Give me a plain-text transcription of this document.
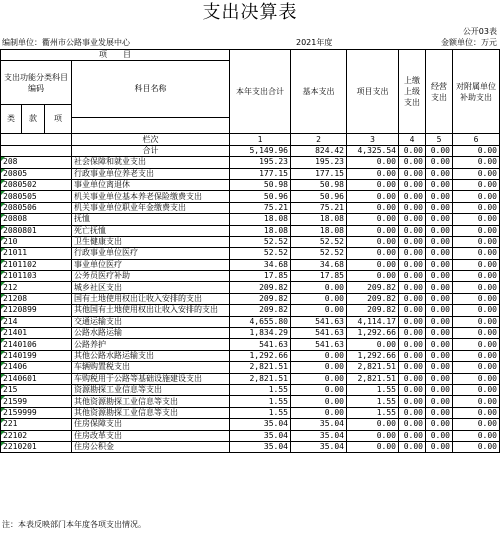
支出决算表
公开03表
编制单位：衢州市公路事业发展中心	2021年度	金额单位：万元
项　　目				本年支出合计	基本支出	项目支出	上缴上级支出	经营支出	对附属单位补助支出
支出功能分类科目编码			科目名称						
类	款	项							

			栏次	1	2	3	4	5	6
			合计	5,149.96	824.42	4,325.54	0.00	0.00	0.00
208			社会保障和就业支出	195.23	195.23	0.00	0.00	0.00	0.00
20805			行政事业单位养老支出	177.15	177.15	0.00	0.00	0.00	0.00
2080502			事业单位离退休	50.98	50.98	0.00	0.00	0.00	0.00
2080505			机关事业单位基本养老保险缴费支出	50.96	50.96	0.00	0.00	0.00	0.00
2080506			机关事业单位职业年金缴费支出	75.21	75.21	0.00	0.00	0.00	0.00
20808			抚恤	18.08	18.08	0.00	0.00	0.00	0.00
2080801			死亡抚恤	18.08	18.08	0.00	0.00	0.00	0.00
210			卫生健康支出	52.52	52.52	0.00	0.00	0.00	0.00
21011			行政事业单位医疗	52.52	52.52	0.00	0.00	0.00	0.00
2101102			事业单位医疗	34.68	34.68	0.00	0.00	0.00	0.00
2101103			公务员医疗补助	17.85	17.85	0.00	0.00	0.00	0.00
212			城乡社区支出	209.82	0.00	209.82	0.00	0.00	0.00
21208			国有土地使用权出让收入安排的支出	209.82	0.00	209.82	0.00	0.00	0.00
2120899			其他国有土地使用权出让收入安排的支出	209.82	0.00	209.82	0.00	0.00	0.00
214			交通运输支出	4,655.80	541.63	4,114.17	0.00	0.00	0.00
21401			公路水路运输	1,834.29	541.63	1,292.66	0.00	0.00	0.00
2140106			公路养护	541.63	541.63	0.00	0.00	0.00	0.00
2140199			其他公路水路运输支出	1,292.66	0.00	1,292.66	0.00	0.00	0.00
21406			车辆购置税支出	2,821.51	0.00	2,821.51	0.00	0.00	0.00
2140601			车购税用于公路等基础设施建设支出	2,821.51	0.00	2,821.51	0.00	0.00	0.00
215			资源勘探工业信息等支出	1.55	0.00	1.55	0.00	0.00	0.00
21599			其他资源勘探工业信息等支出	1.55	0.00	1.55	0.00	0.00	0.00
2159999			其他资源勘探工业信息等支出	1.55	0.00	1.55	0.00	0.00	0.00
221			住房保障支出	35.04	35.04	0.00	0.00	0.00	0.00
22102			住房改革支出	35.04	35.04	0.00	0.00	0.00	0.00
2210201			住房公积金	35.04	35.04	0.00	0.00	0.00	0.00
注：本表反映部门本年度各项支出情况。
